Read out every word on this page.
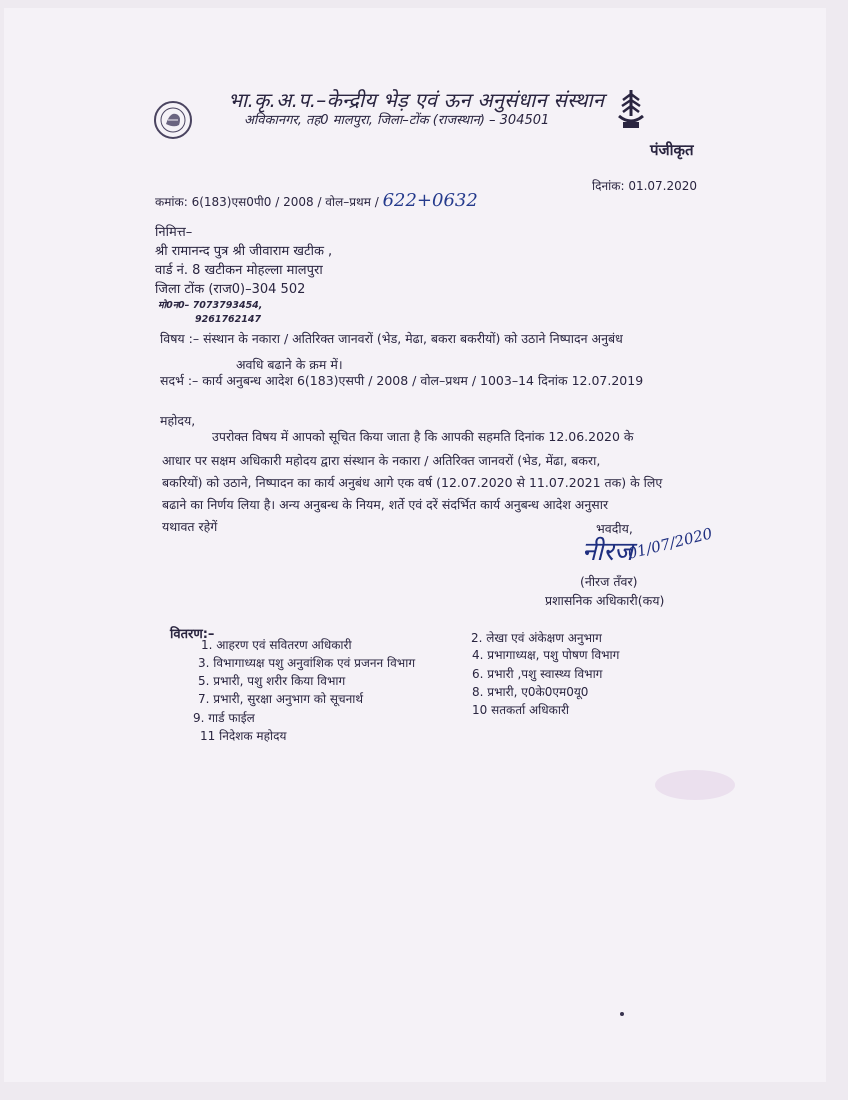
भा.कृ.अ.प.–केन्द्रीय भेड़ एवं ऊन अनुसंधान संस्थान
अविकानगर, तह0 मालपुरा, जिला–टोंक (राजस्थान) – 304501
पंजीकृत
कमांक: 6(183)एस0पी0 / 2008 / वोल–प्रथम / 622+0632
दिनांक: 01.07.2020
निमित्त–
श्री रामानन्द पुत्र श्री जीवाराम खटीक ,
वार्ड नं. 8 खटीकन मोहल्ला मालपुरा
जिला टोंक (राज0)–304 502
मो0न0– 7073793454,
9261762147
विषय :– संस्थान के नकारा / अतिरिक्त जानवरों (भेड, मेढा, बकरा बकरीयों) को उठाने निष्पादन अनुबंध
अवधि बढाने के क्रम में।
सदर्भ :– कार्य अनुबन्ध आदेश 6(183)एसपी / 2008 / वोल–प्रथम / 1003–14 दिनांक 12.07.2019
महोदय,
उपरोक्त विषय में आपको सूचित किया जाता है कि आपकी सहमति दिनांक 12.06.2020 के
आधार पर सक्षम अधिकारी महोदय द्वारा संस्थान के नकारा / अतिरिक्त जानवरों (भेड, मेंढा, बकरा,
बकरियों) को उठाने, निष्पादन का कार्य अनुबंध आगे एक वर्ष (12.07.2020 से 11.07.2021 तक) के लिए
बढाने का निर्णय लिया है। अन्य अनुबन्ध के नियम, शर्ते एवं दरें संदर्भित कार्य अनुबन्ध आदेश अनुसार
यथावत रहेगें	भवदीय,
नीरज
01/07/2020
(नीरज तँवर)
प्रशासनिक अधिकारी(कय)
वितरण:–
1. आहरण एवं सवितरण अधिकारी	2. लेखा एवं अंकेक्षण अनुभाग
3. विभागाध्यक्ष पशु अनुवांशिक एवं प्रजनन विभाग
4. प्रभागाध्यक्ष, पशु पोषण विभाग
5. प्रभारी, पशु शरीर किया विभाग	6. प्रभारी ,पशु स्वास्थ्य विभाग
7. प्रभारी, सुरक्षा अनुभाग को सूचनार्थ	8. प्रभारी, ए0के0एम0यू0
9. गार्ड फाईल
10 सतकर्ता अधिकारी
11 निदेशक महोदय
